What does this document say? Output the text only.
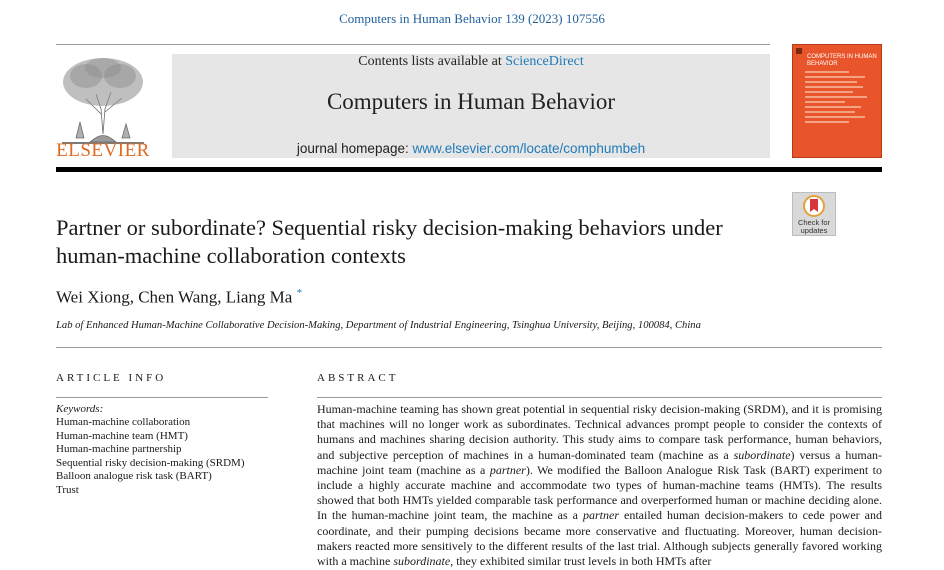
Computers in Human Behavior 139 (2023) 107556
ELSEVIER
Contents lists available at ScienceDirect
Computers in Human Behavior
journal homepage: www.elsevier.com/locate/comphumbeh
COMPUTERS IN HUMAN BEHAVIOR
Check for
updates
Partner or subordinate? Sequential risky decision-making behaviors under human-machine collaboration contexts
Wei Xiong, Chen Wang, Liang Ma *
Lab of Enhanced Human-Machine Collaborative Decision-Making, Department of Industrial Engineering, Tsinghua University, Beijing, 100084, China
ARTICLE INFO
Keywords:
Human-machine collaboration
Human-machine team (HMT)
Human-machine partnership
Sequential risky decision-making (SRDM)
Balloon analogue risk task (BART)
Trust
ABSTRACT
Human-machine teaming has shown great potential in sequential risky decision-making (SRDM), and it is promising that machines will no longer work as subordinates. Technical advances prompt people to consider the contexts of humans and machines sharing decision authority. This study aims to compare task performance, human behaviors, and subjective perception of machines in a human-dominated team (machine as a subordinate) versus a human-machine joint team (machine as a partner). We modified the Balloon Analogue Risk Task (BART) experiment to include a highly accurate machine and accommodate two types of human-machine teams (HMTs). The results showed that both HMTs yielded comparable task performance and overperformed human or machine deciding alone. In the human-machine joint team, the machine as a partner entailed human decision-makers to cede power and coordinate, and their pumping decisions became more conservative and fluctuating. Moreover, human decision-makers reacted more sensitively to the different results of the last trial. Although subjects generally favored working with a machine subordinate, they exhibited similar trust levels in both HMTs after
